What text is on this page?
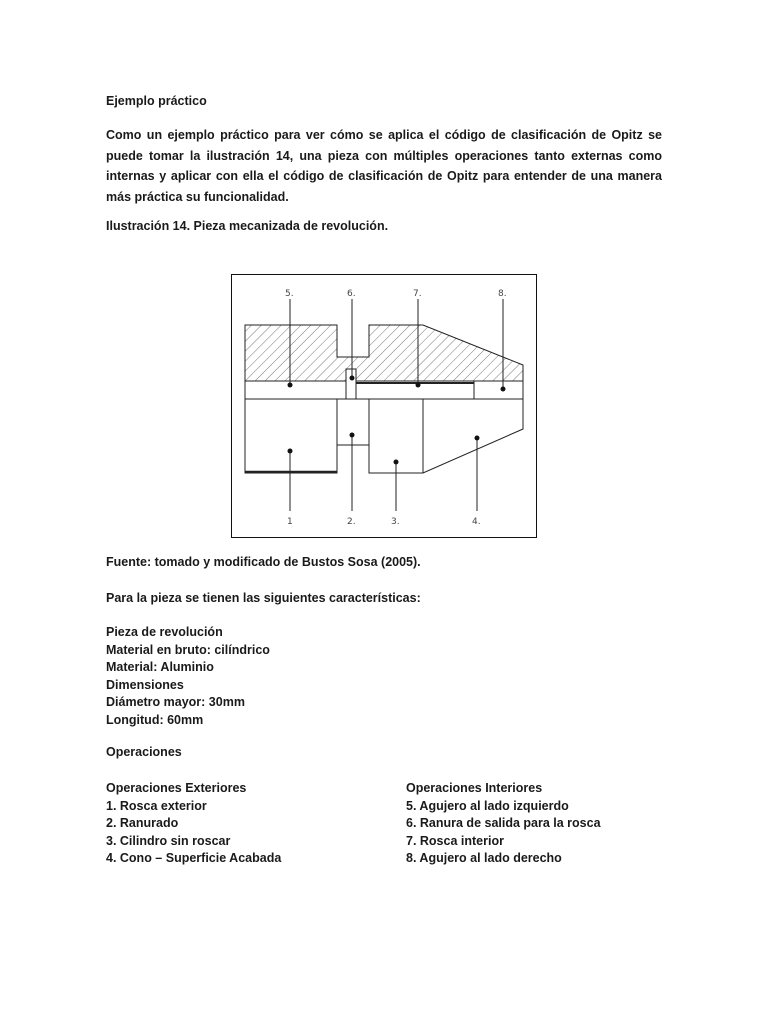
Ejemplo práctico

Como un ejemplo práctico para ver cómo se aplica el código de clasificación de Opitz se puede tomar la ilustración 14, una pieza con múltiples operaciones tanto externas como internas y aplicar con ella el código de clasificación de Opitz para entender de una manera más práctica su funcionalidad.

Ilustración 14. Pieza mecanizada de revolución.

5.	6.	7.	8.
1	2.	3.	4.

Fuente: tomado y modificado de Bustos Sosa (2005).

Para la pieza se tienen las siguientes características:

Pieza de revolución
Material en bruto: cilíndrico
Material: Aluminio
Dimensiones
Diámetro mayor: 30mm
Longitud: 60mm

Operaciones

Operaciones Exteriores
1. Rosca exterior
2. Ranurado
3. Cilindro sin roscar
4. Cono – Superficie Acabada
Operaciones Interiores
5. Agujero al lado izquierdo
6. Ranura de salida para la rosca
7. Rosca interior
8. Agujero al lado derecho
